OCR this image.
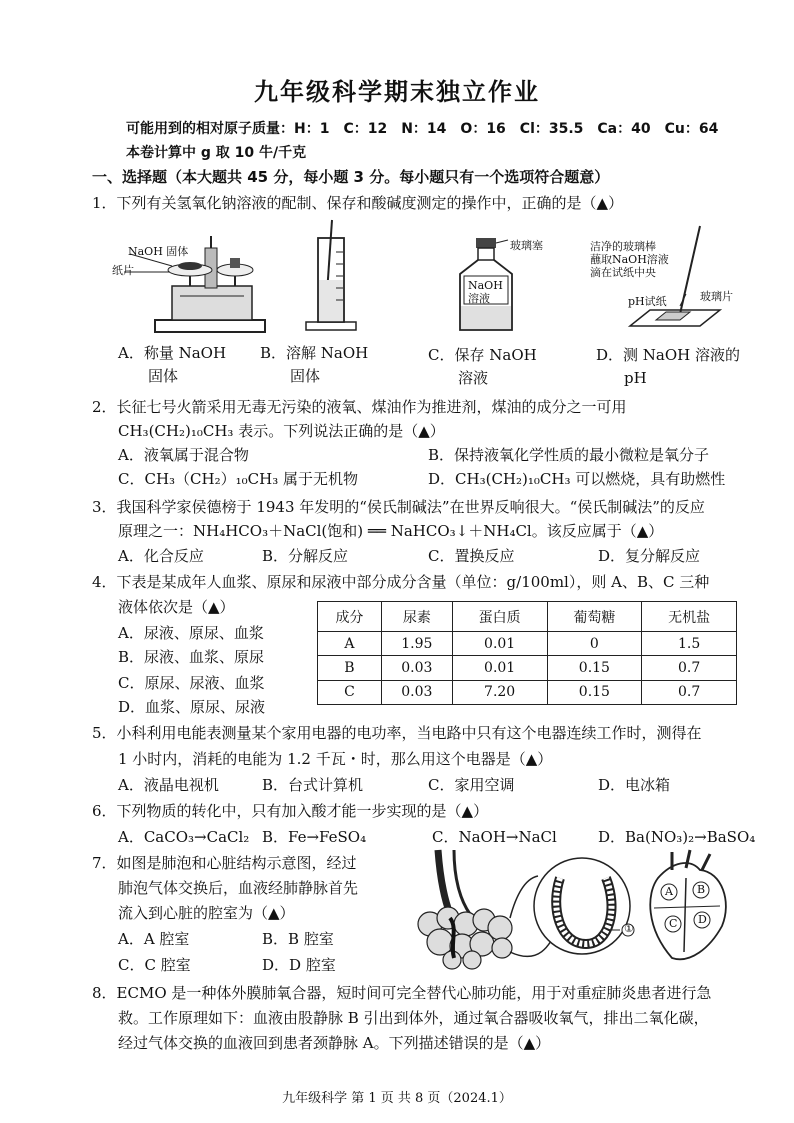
九年级科学期末独立作业
可能用到的相对原子质量：H：1　C：12　N：14　O：16　Cl：35.5　Ca：40　Cu：64
本卷计算中 g 取 10 牛/千克
一、选择题（本大题共 45 分，每小题 3 分。每小题只有一个选项符合题意）
1．下列有关氢氧化钠溶液的配制、保存和酸碱度测定的操作中，正确的是（▲）
NaOH 固体
纸片
玻璃塞
NaOH 溶液
洁净的玻璃棒
蘸取NaOH溶液
滴在试纸中央
pH试纸	玻璃片
A．称量 NaOH
固体
B．溶解 NaOH
固体
C．保存 NaOH
溶液
D．测 NaOH 溶液的
pH
2．长征七号火箭采用无毒无污染的液氧、煤油作为推进剂，煤油的成分之一可用
CH₃(CH₂)₁₀CH₃ 表示。下列说法正确的是（▲）
A．液氧属于混合物	B．保持液氧化学性质的最小微粒是氧分子
C．CH₃（CH₂）₁₀CH₃ 属于无机物	D．CH₃(CH₂)₁₀CH₃ 可以燃烧，具有助燃性
3．我国科学家侯德榜于 1943 年发明的“侯氏制碱法”在世界反响很大。“侯氏制碱法”的反应
原理之一：NH₄HCO₃＋NaCl(饱和) ══ NaHCO₃↓＋NH₄Cl。该反应属于（▲）
A．化合反应	B．分解反应	C．置换反应	D．复分解反应
4．下表是某成年人血浆、原尿和尿液中部分成分含量（单位：g/100ml），则 A、B、C 三种
液体依次是（▲）
A．尿液、原尿、血浆
B．尿液、血浆、原尿
C．原尿、尿液、血浆
D．血浆、原尿、尿液
成分	尿素	蛋白质	葡萄糖	无机盐
A	1.95	0.01	0	1.5
B	0.03	0.01	0.15	0.7
C	0.03	7.20	0.15	0.7
5．小科利用电能表测量某个家用电器的电功率，当电路中只有这个电器连续工作时，测得在
1 小时内，消耗的电能为 1.2 千瓦・时，那么用这个电器是（▲）
A．液晶电视机	B．台式计算机	C．家用空调	D．电冰箱
6．下列物质的转化中，只有加入酸才能一步实现的是（▲）
A．CaCO₃→CaCl₂ B．Fe→FeSO₄	C．NaOH→NaCl	D．Ba(NO₃)₂→BaSO₄
7．如图是肺泡和心脏结构示意图，经过
肺泡气体交换后，血液经肺静脉首先
流入到心脏的腔室为（▲）
A．A 腔室	B．B 腔室
C．C 腔室	D．D 腔室
①
A B
C D
8．ECMO 是一种体外膜肺氧合器，短时间可完全替代心肺功能，用于对重症肺炎患者进行急
救。工作原理如下：血液由股静脉 B 引出到体外，通过氧合器吸收氧气，排出二氧化碳，
经过气体交换的血液回到患者颈静脉 A。下列描述错误的是（▲）
九年级科学 第 1 页 共 8 页（2024.1）
